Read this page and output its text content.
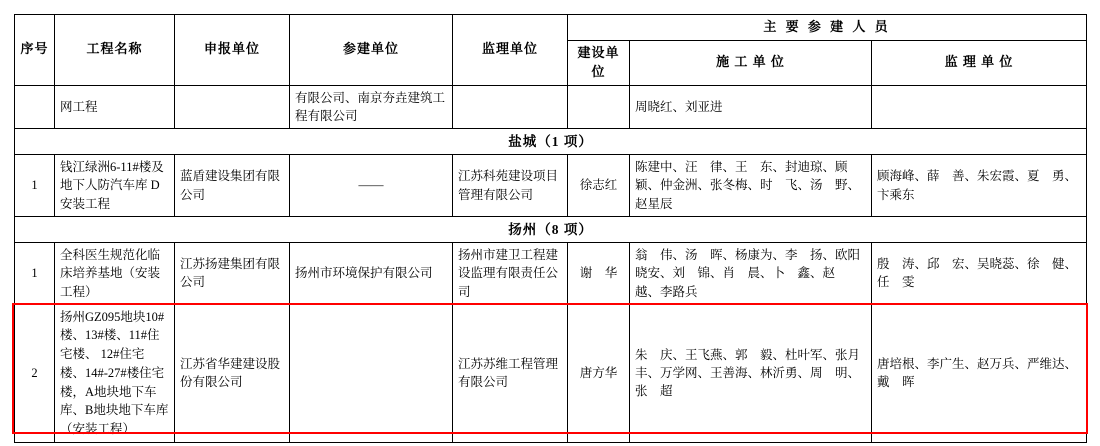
序号	工程名称	申报单位	参建单位	监理单位	主 要 参 建 人 员		
					建设单位	施 工 单 位	监 理 单 位
	网工程		有限公司、南京夯垚建筑工程有限公司			周晓红、刘亚进	
盐城（1 项）							
1	钱江绿洲6-11#楼及地下人防汽车库 D 安装工程	蓝盾建设集团有限公司	——	江苏科苑建设项目管理有限公司	徐志红	陈建中、汪　律、王　东、封迪琼、顾　颖、仲金洲、张冬梅、时　飞、汤　野、赵星辰	顾海峰、薛　善、朱宏霞、夏　勇、卞乘东
扬州（8 项）							
1	全科医生规范化临床培养基地（安装工程）	江苏扬建集团有限公司	扬州市环境保护有限公司	扬州市建卫工程建设监理有限责任公司	谢　华	翁　伟、汤　晖、杨康为、李　扬、欧阳晓安、刘　锦、肖　晨、卜　鑫、赵　越、李路兵	殷　涛、邱　宏、吴晓蕊、徐　健、任　雯
2	扬州GZ095地块10#楼、13#楼、11#住宅楼、 12#住宅楼、14#-27#楼住宅楼，A地块地下车库、B地块地下车库（安装工程）	江苏省华建建设股份有限公司		江苏苏维工程管理有限公司	唐方华	朱　庆、王飞燕、郭　毅、杜叶军、张月丰、万学网、王善海、林沂勇、周　明、张　超	唐培根、李广生、赵万兵、严维达、戴　晖
